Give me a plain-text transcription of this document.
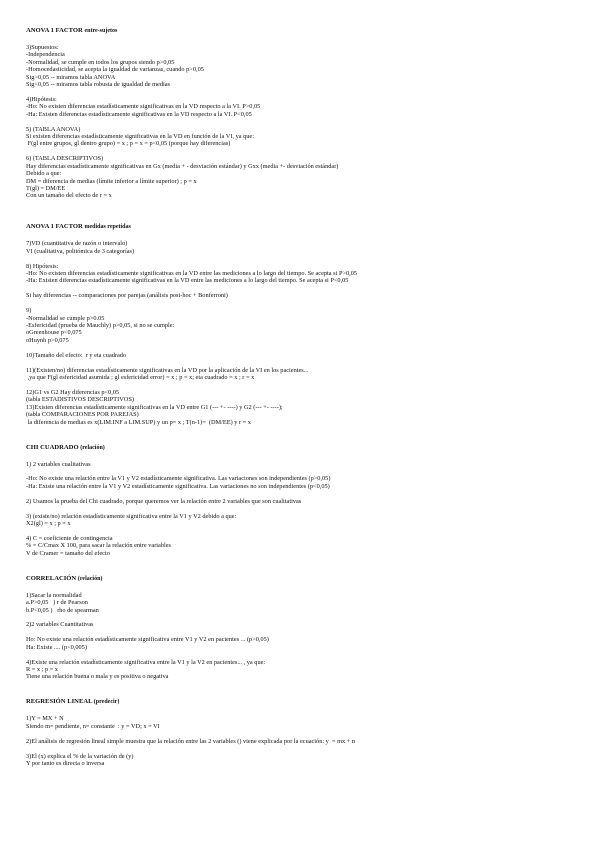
ANOVA 1 FACTOR entre-sujetos
3)Supuestos:
-Independencia
-Normalidad, se cumple en todos los grupos siendo p>0,05
-Homocedasticidad, se acepta la igualdad de varianzas, cuando p>0,05
Sig>0,05 -- miramos tabla ANOVA
Sig<0,05 -- miramos tabla robusta de igualdad de medias
4)Hipótesis:
-Ho: No existen diferencias estadísticamente significativas en la VD respecto a la VI. P>0,05
-Ha: Existen diferencias estadísticamente significativas en la VD respecto a la VI. P<0,05
5) (TABLA ANOVA)
Si existen diferencias estadísticamente significativas en la VD en función de la VI, ya que:
F(gl entre grupos, gl dentro grupo) = x ; p = x = p<0,05 (porque hay diferencias)
6) (TABLA DESCRIPTIVOS)
Hay diferencias estadísticamente significativas en Gx (media + - desviación estándar) y Gxx (media +- desviación estándar)
Debido a que:
DM = diferencia de medias (límite inferior a límite superior) ; p = x
T(gl) = DM/EE
Con un tamaño del efecto de r = x
ANOVA 1 FACTOR medidas repetidas
7)VD (cuantitativa de razón o intervalo)
VI (cualitativa, politómica de 3 categorías)
8) Hipótesis:
-Ho: No existen diferencias estadísticamente significativas en la VD entre las mediciones a lo largo del tiempo. Se acepta si P>0,05
-Ha: Existen diferencias estadísticamente significativas en la VD entre las mediciones a lo largo del tiempo. Se acepta si P<0,05
Si hay diferencias -- comparaciones por parejas (análisis post-hoc + Bonferroni)
9)
-Normalidad se cumple p>0.05
-Esfericidad (prueba de Mauchly) p>0,05, si no se cumple:
oGreenhouse p<0,075
oHuynh p>0,075
10)Tamaño del efecto:  r y eta cuadrado
11)(Existen/no) diferencias estadísticamente significativas en la VD por la aplicación de la VI en los pacientes...
,ya que F(gl esfericidad asumida ; gl esfericidad error) = x ; p = x; eta cuadrado = x ; r = x
12)G1 vs G2 Hay diferencias p<0,05
(tabla ESTADISTIVOS DESCRIPTIVOS)
13)Existen diferencias estadísticamente significativas en la VD entre G1 (--- +- ----) y G2 (--- +- ----);
(tabla COMPARACIONES POR PAREJAS)
la diferencia de medias es x(LIM.INF a LIM.SUP) y un p= x ; T(n-1)=  (DM/EE) y r = x
CHI CUADRADO (relación)
1) 2 variables cualitativas
-Ho: No existe una relación entre la V1 y V2 estadísticamente significativa. Las variaciones son independientes (p>0,05)
-Ha: Existe una relación entre la V1 y V2 estadísticamente significativa. Las variaciones no son independientes (p<0,05)
2) Usamos la prueba del Chi cuadrado, porque queremos ver la relación entre 2 variables que son cualitativas
3) (existe/no) relación estadísticamente significativa entre la V1 y V2 debido a que:
X2(gl) = x ; p = x
4) C = coeficiente de contingencia
% = C/Cmax X 100, para sacar la relación entre variables
V de Cramer = tamaño del efecto
CORRELACIÓN (relación)
1)Sacar la normalidad
a.P>0,05   ) r de Pearson
b.P<0,05 )   rho de spearman
2)2 variables Cuantitativas
Ho: No existe una relación estadísticamente significativa entre V1 y V2 en pacientes ... (p>0,05)
Ha: Existe .... (p<0,005)
4)Existe una relación estadísticamente significativa entre la V1 y la V2 en pacientes... , ya que:
R = x ; p = x
Tiene una relación buena o mala y es positiva o negativa
REGRESIÓN LINEAL (predecir)
1)Y = MX + N
Siendo m= pendiente, n= constante  : y = VD; x = VI
2)El análisis de regresión lineal simple muestra que la relación entre las 2 variables () viene explicada por la ecuación: y  = mx + n
3)El (x) explica el % de la variación de (y)
Y por tanto es directa o inversa
